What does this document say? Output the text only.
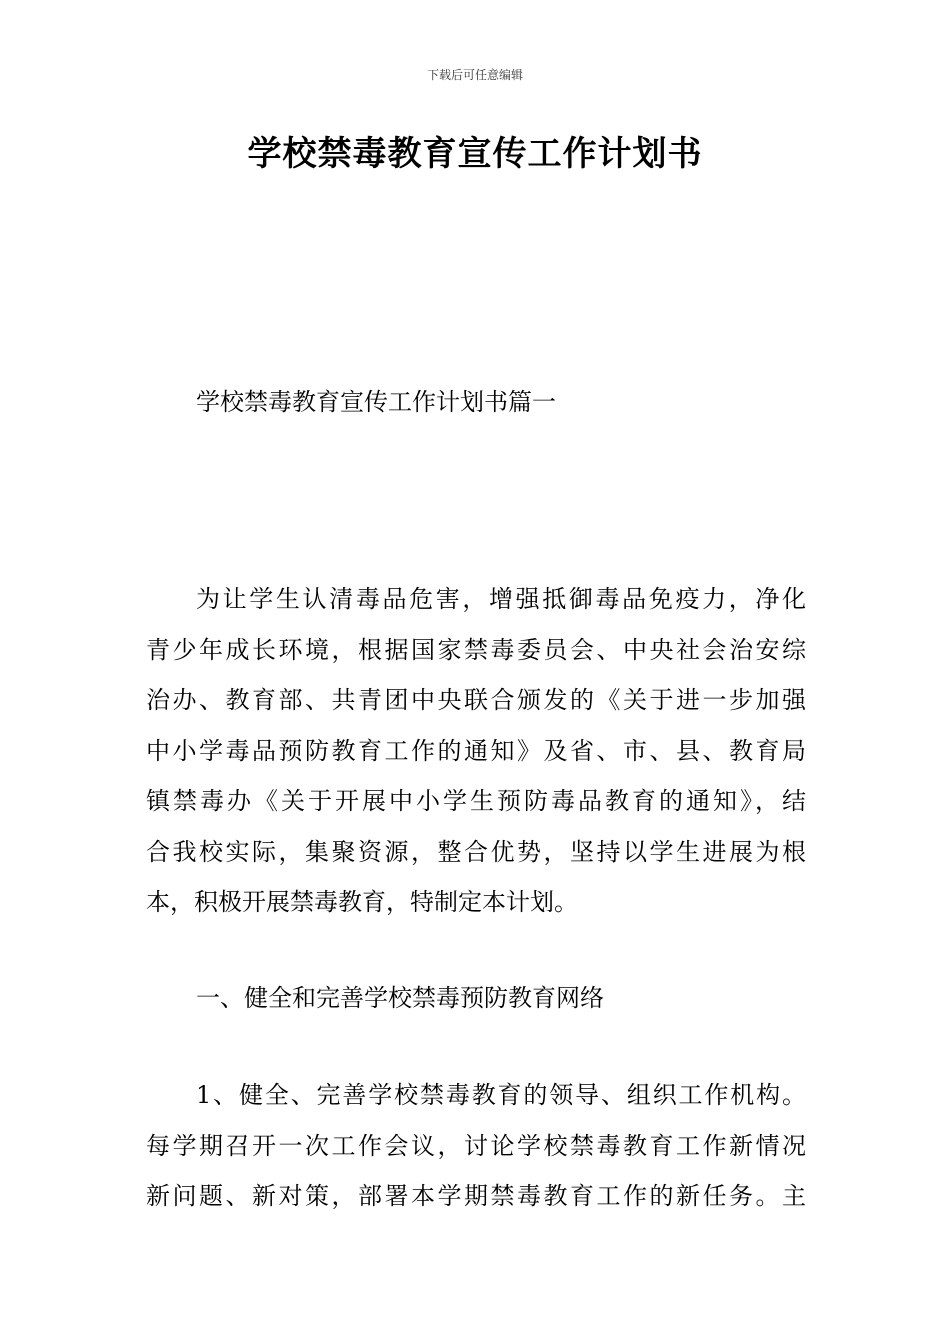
下载后可任意编辑
学校禁毒教育宣传工作计划书
学校禁毒教育宣传工作计划书篇一
为让学生认清毒品危害，增强抵御毒品免疫力，净化
青少年成长环境，根据国家禁毒委员会、中央社会治安综
治办、教育部、共青团中央联合颁发的《关于进一步加强
中小学毒品预防教育工作的通知》及省、市、县、教育局
镇禁毒办《关于开展中小学生预防毒品教育的通知》，结
合我校实际，集聚资源，整合优势，坚持以学生进展为根
本，积极开展禁毒教育，特制定本计划。
一、健全和完善学校禁毒预防教育网络
1、健全、完善学校禁毒教育的领导、组织工作机构。
每学期召开一次工作会议，讨论学校禁毒教育工作新情况
新问题、新对策，部署本学期禁毒教育工作的新任务。主
